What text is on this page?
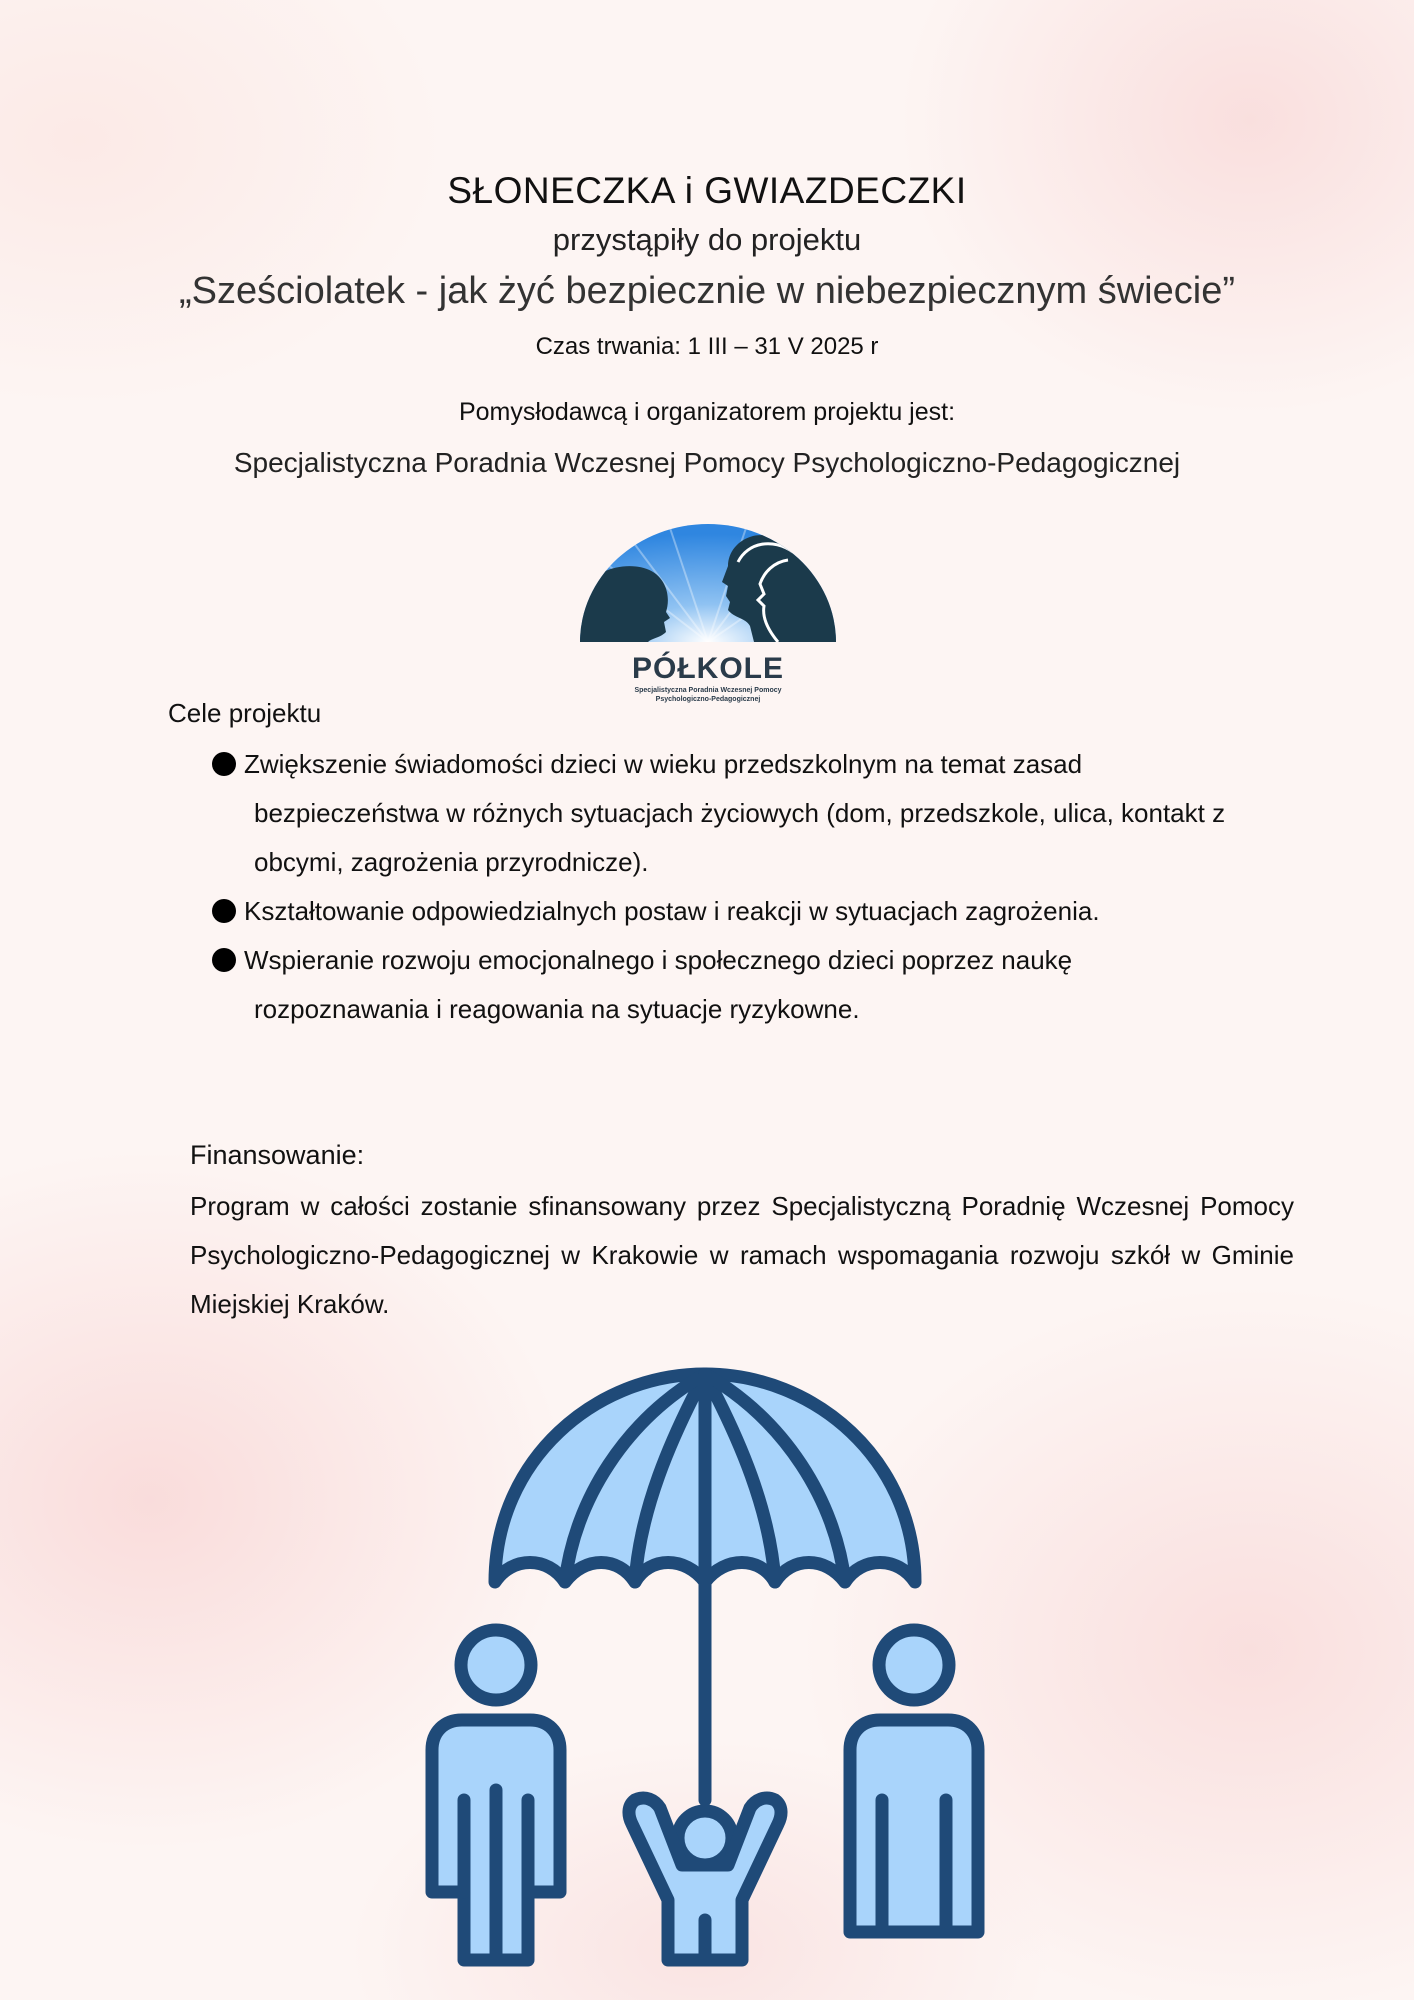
SŁONECZKA i GWIAZDECZKI
przystąpiły do projektu
„Sześciolatek - jak żyć bezpiecznie w niebezpiecznym świecie”
Czas trwania: 1 III – 31 V 2025 r
Pomysłodawcą i organizatorem projektu jest:
Specjalistyczna Poradnia Wczesnej Pomocy Psychologiczno-Pedagogicznej
PÓŁKOLE
Specjalistyczna Poradnia Wczesnej Pomocy
Psychologiczno-Pedagogicznej
Cele projektu
Zwiększenie świadomości dzieci w wieku przedszkolnym na temat zasad
bezpieczeństwa w różnych sytuacjach życiowych (dom, przedszkole, ulica, kontakt z
obcymi, zagrożenia przyrodnicze).
Kształtowanie odpowiedzialnych postaw i reakcji w sytuacjach zagrożenia.
Wspieranie rozwoju emocjonalnego i społecznego dzieci poprzez naukę
rozpoznawania i reagowania na sytuacje ryzykowne.
Finansowanie:
Program w całości zostanie sfinansowany przez Specjalistyczną Poradnię Wczesnej Pomocy Psychologiczno-Pedagogicznej w Krakowie w ramach wspomagania rozwoju szkół w Gminie Miejskiej Kraków.
